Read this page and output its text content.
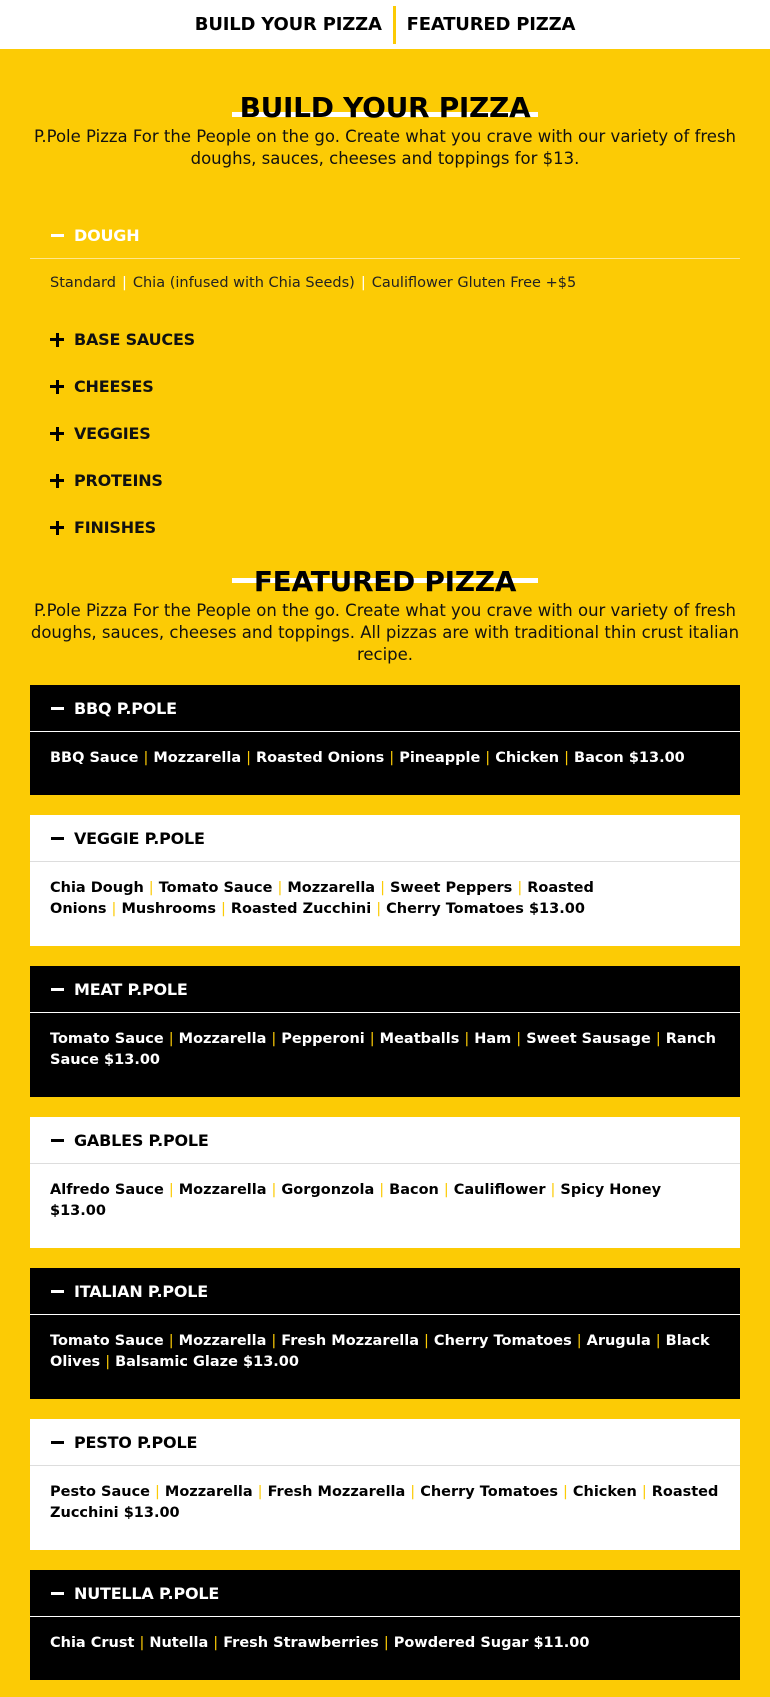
BUILD YOUR PIZZA	FEATURED PIZZA
BUILD YOUR PIZZA

P.Pole Pizza For the People on the go. Create what you crave with our variety of fresh doughs, sauces, cheeses and toppings for $13.

DOUGH
Standard | Chia (infused with Chia Seeds) | Cauliflower Gluten Free +$5
BASE SAUCES
CHEESES
VEGGIES
PROTEINS
FINISHES
FEATURED PIZZA

P.Pole Pizza For the People on the go. Create what you crave with our variety of fresh doughs, sauces, cheeses and toppings. All pizzas are with traditional thin crust italian recipe.

BBQ P.POLE
BBQ Sauce | Mozzarella | Roasted Onions | Pineapple | Chicken | Bacon $13.00
VEGGIE P.POLE
Chia Dough | Tomato Sauce | Mozzarella | Sweet Peppers | Roasted Onions | Mushrooms | Roasted Zucchini | Cherry Tomatoes $13.00
MEAT P.POLE
Tomato Sauce | Mozzarella | Pepperoni | Meatballs | Ham | Sweet Sausage | Ranch Sauce $13.00
GABLES P.POLE
Alfredo Sauce | Mozzarella | Gorgonzola | Bacon | Cauliflower | Spicy Honey $13.00
ITALIAN P.POLE
Tomato Sauce | Mozzarella | Fresh Mozzarella | Cherry Tomatoes | Arugula | Black Olives | Balsamic Glaze $13.00
PESTO P.POLE
Pesto Sauce | Mozzarella | Fresh Mozzarella | Cherry Tomatoes | Chicken | Roasted Zucchini $13.00
NUTELLA P.POLE
Chia Crust | Nutella | Fresh Strawberries | Powdered Sugar $11.00
